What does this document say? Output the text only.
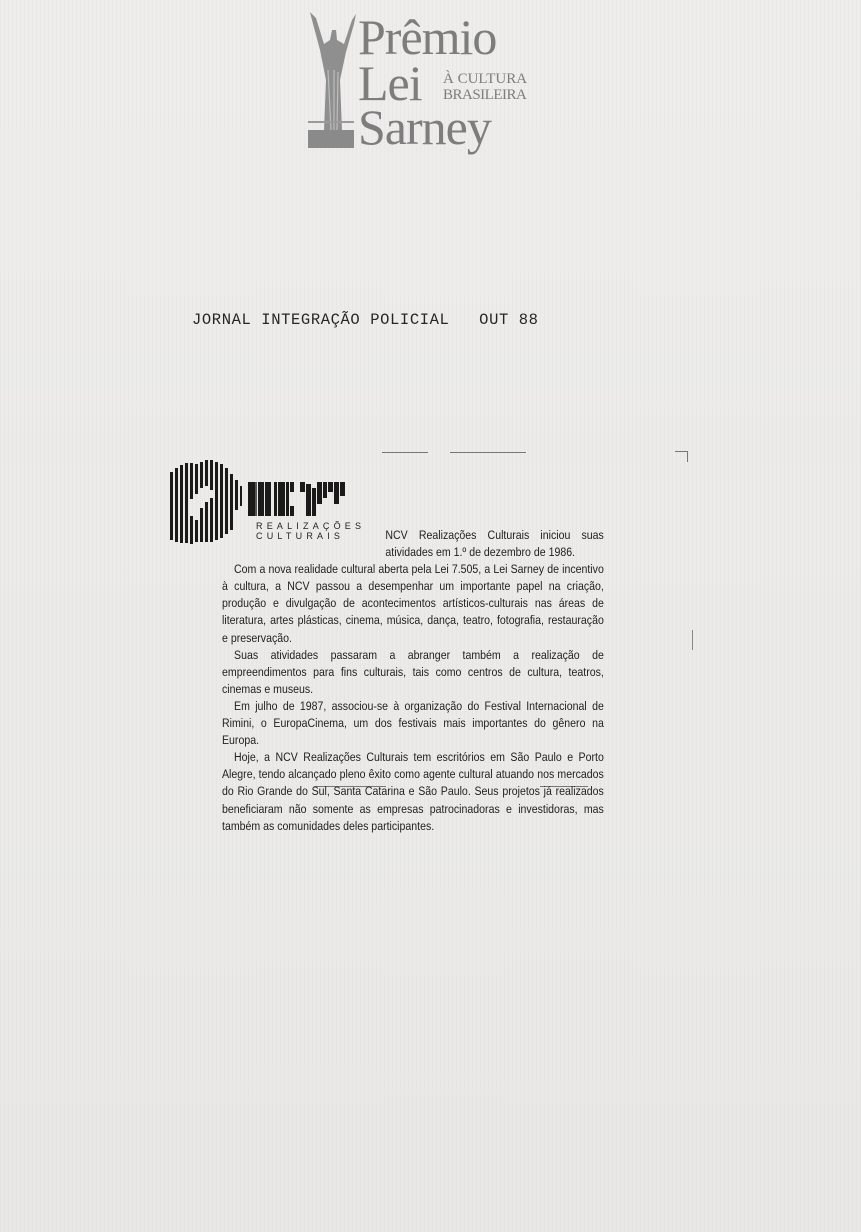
Prêmio
Lei À CULTURA
BRASILEIRA
Sarney
JORNAL INTEGRAÇÃO POLICIAL OUT 88
REALIZAÇÕES
CULTURAIS	NCV Realizações Culturais iniciou suas atividades em 1.º de dezembro de 1986.

Com a nova realidade cultural aberta pela Lei 7.505, a Lei Sarney de incentivo à cultura, a NCV passou a desempenhar um importante papel na criação, produção e divulgação de acontecimentos artísticos-culturais nas áreas de literatura, artes plásticas, cinema, música, dança, teatro, fotografia, restauração e preservação.

Suas atividades passaram a abranger também a realização de empreendimentos para fins culturais, tais como centros de cultura, teatros, cinemas e museus.

Em julho de 1987, associou-se à organização do Festival Internacional de Rimini, o EuropaCinema, um dos festivais mais importantes do gênero na Europa.

Hoje, a NCV Realizações Culturais tem escritórios em São Paulo e Porto Alegre, tendo alcançado pleno êxito como agente cultural atuando nos mercados do Rio Grande do Sul, Santa Catarina e São Paulo. Seus projetos já realizados beneficiaram não somente as empresas patrocinadoras e investidoras, mas também as comunidades deles participantes.
